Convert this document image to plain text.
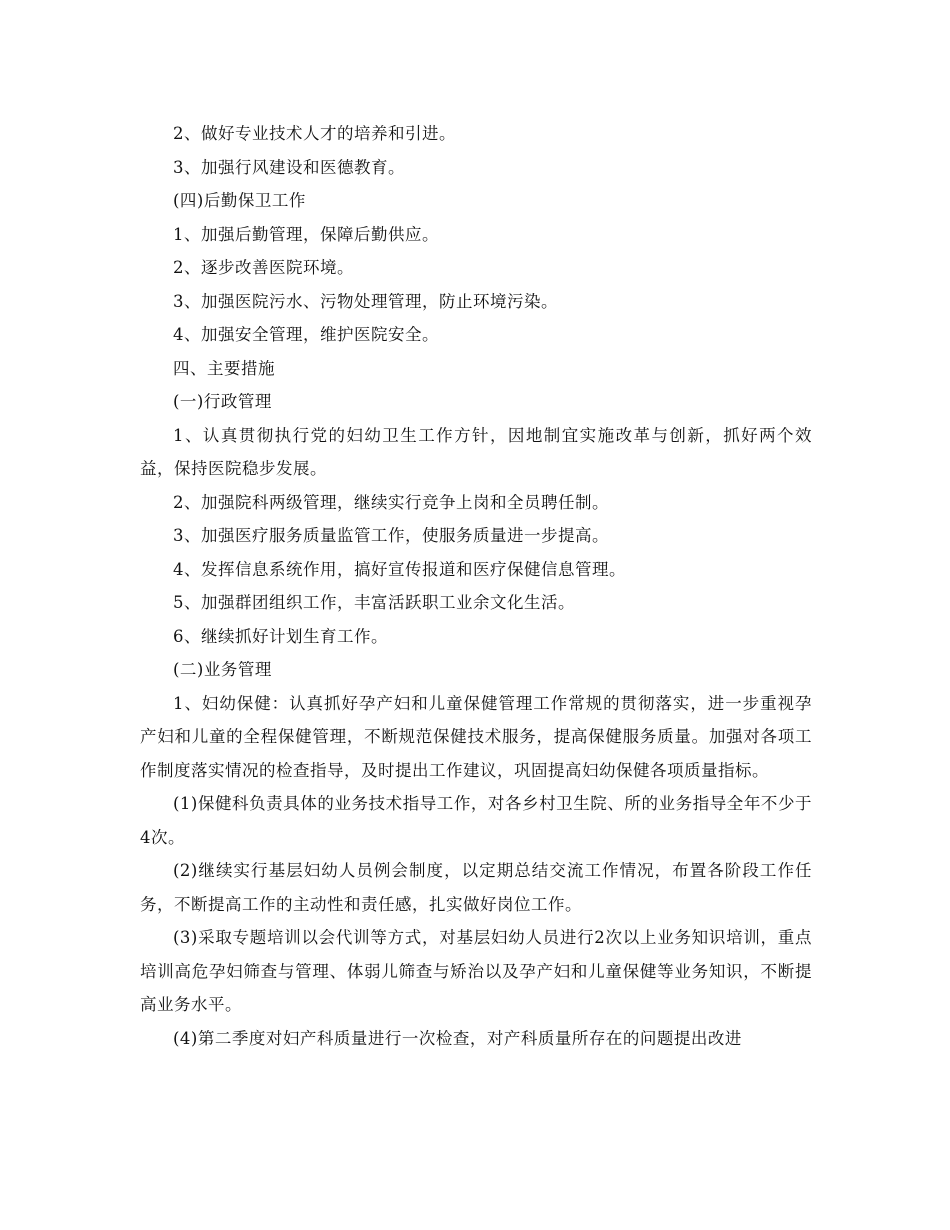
2、做好专业技术人才的培养和引进。

3、加强行风建设和医德教育。

(四)后勤保卫工作

1、加强后勤管理，保障后勤供应。

2、逐步改善医院环境。

3、加强医院污水、污物处理管理，防止环境污染。

4、加强安全管理，维护医院安全。

四、主要措施

(一)行政管理

1、认真贯彻执行党的妇幼卫生工作方针，因地制宜实施改革与创新，抓好两个效益，保持医院稳步发展。

2、加强院科两级管理，继续实行竞争上岗和全员聘任制。

3、加强医疗服务质量监管工作，使服务质量进一步提高。

4、发挥信息系统作用，搞好宣传报道和医疗保健信息管理。

5、加强群团组织工作，丰富活跃职工业余文化生活。

6、继续抓好计划生育工作。

(二)业务管理

1、妇幼保健：认真抓好孕产妇和儿童保健管理工作常规的贯彻落实，进一步重视孕产妇和儿童的全程保健管理，不断规范保健技术服务，提高保健服务质量。加强对各项工作制度落实情况的检查指导，及时提出工作建议，巩固提高妇幼保健各项质量指标。

(1)保健科负责具体的业务技术指导工作，对各乡村卫生院、所的业务指导全年不少于4次。

(2)继续实行基层妇幼人员例会制度，以定期总结交流工作情况，布置各阶段工作任务，不断提高工作的主动性和责任感，扎实做好岗位工作。

(3)采取专题培训以会代训等方式，对基层妇幼人员进行2次以上业务知识培训，重点培训高危孕妇筛查与管理、体弱儿筛查与矫治以及孕产妇和儿童保健等业务知识，不断提高业务水平。

(4)第二季度对妇产科质量进行一次检查，对产科质量所存在的问题提出改进
